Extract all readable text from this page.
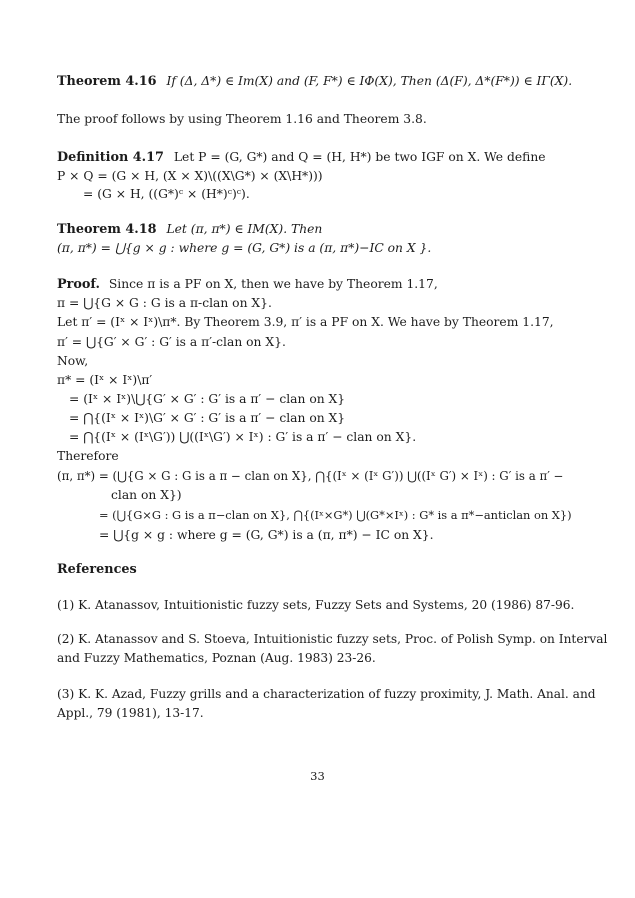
Theorem 4.16 If (Δ, Δ*) ∈ Im(X) and (F, F*) ∈ IΦ(X), Then (Δ(F), Δ*(F*)) ∈ IΓ(X).
The proof follows by using Theorem 1.16 and Theorem 3.8.
Definition 4.17 Let P = (G, G*) and Q = (H, H*) be two IGF on X. We define
P × Q = (G × H, (X × X)\((X\G*) × (X\H*)))
= (G × H, ((G*)ᶜ × (H*)ᶜ)ᶜ).
Theorem 4.18 Let (π, π*) ∈ IM(X). Then
(π, π*) = ⋃{g × g : where g = (G, G*) is a (π, π*)−IC on X }.
Proof. Since π is a PF on X, then we have by Theorem 1.17,
π = ⋃{G × G : G is a π-clan on X}.
Let π′ = (Iˣ × Iˣ)\π*. By Theorem 3.9, π′ is a PF on X. We have by Theorem 1.17,
π′ = ⋃{G′ × G′ : G′ is a π′-clan on X}.
Now,
π* = (Iˣ × Iˣ)\π′
= (Iˣ × Iˣ)\⋃{G′ × G′ : G′ is a π′ − clan on X}
= ⋂{(Iˣ × Iˣ)\G′ × G′ : G′ is a π′ − clan on X}
= ⋂{(Iˣ × (Iˣ\G′)) ⋃((Iˣ\G′) × Iˣ) : G′ is a π′ − clan on X}.
Therefore
(π, π*) = (⋃{G × G : G is a π − clan on X}, ⋂{(Iˣ × (Iˣ G′)) ⋃((Iˣ G′) × Iˣ) : G′ is a π′ −
clan on X})
= (⋃{G×G : G is a π−clan on X}, ⋂{(Iˣ×G*) ⋃(G*×Iˣ) : G* is a π*−anticlan on X})
= ⋃{g × g : where g = (G, G*) is a (π, π*) − IC on X}.
References
(1) K. Atanassov, Intuitionistic fuzzy sets, Fuzzy Sets and Systems, 20 (1986) 87-96.
(2) K. Atanassov and S. Stoeva, Intuitionistic fuzzy sets, Proc. of Polish Symp. on Interval
and Fuzzy Mathematics, Poznan (Aug. 1983) 23-26.
(3) K. K. Azad, Fuzzy grills and a characterization of fuzzy proximity, J. Math. Anal. and
Appl., 79 (1981), 13-17.
33
